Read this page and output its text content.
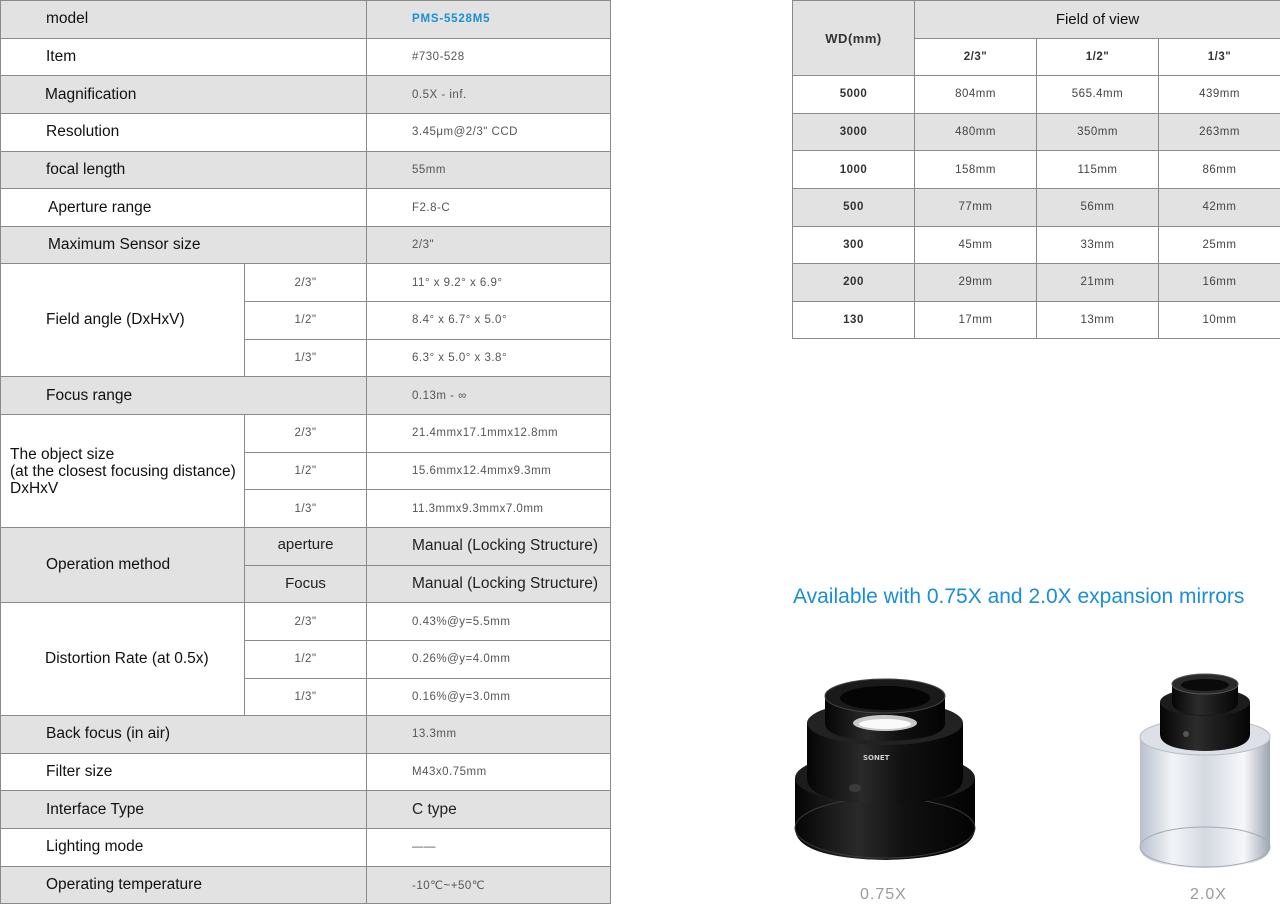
model		PMS-5528M5
Item		#730-528
Magnification		0.5X - inf.
Resolution		3.45μm@2/3" CCD
focal length		55mm
Aperture range		F2.8-C
Maximum Sensor size		2/3"
Field angle (DxHxV)	2/3"	11° x 9.2° x 6.9°
	1/2"	8.4° x 6.7° x 5.0°
	1/3"	6.3° x 5.0° x 3.8°
Focus range		0.13m - ∞

The object size
(at the closest focusing distance)
DxHxV	2/3"	21.4mmx17.1mmx12.8mm
	1/2"	15.6mmx12.4mmx9.3mm
	1/3"	11.3mmx9.3mmx7.0mm
Operation method	aperture	Manual (Locking Structure)
	Focus	Manual (Locking Structure)
Distortion Rate (at 0.5x)	2/3"	0.43%@y=5.5mm
	1/2"	0.26%@y=4.0mm
	1/3"	0.16%@y=3.0mm
Back focus (in air)		13.3mm
Filter size		M43x0.75mm
Interface Type		C type
Lighting mode		——
Operating temperature		-10℃~+50℃
WD(mm)	Field of view		
	2/3"	1/2"	1/3"
5000	804mm	565.4mm	439mm
3000	480mm	350mm	263mm
1000	158mm	115mm	86mm
500	77mm	56mm	42mm
300	45mm	33mm	25mm
200	29mm	21mm	16mm
130	17mm	13mm	10mm
Available with 0.75X and 2.0X expansion mirrors
SONET
0.75X	2.0X
